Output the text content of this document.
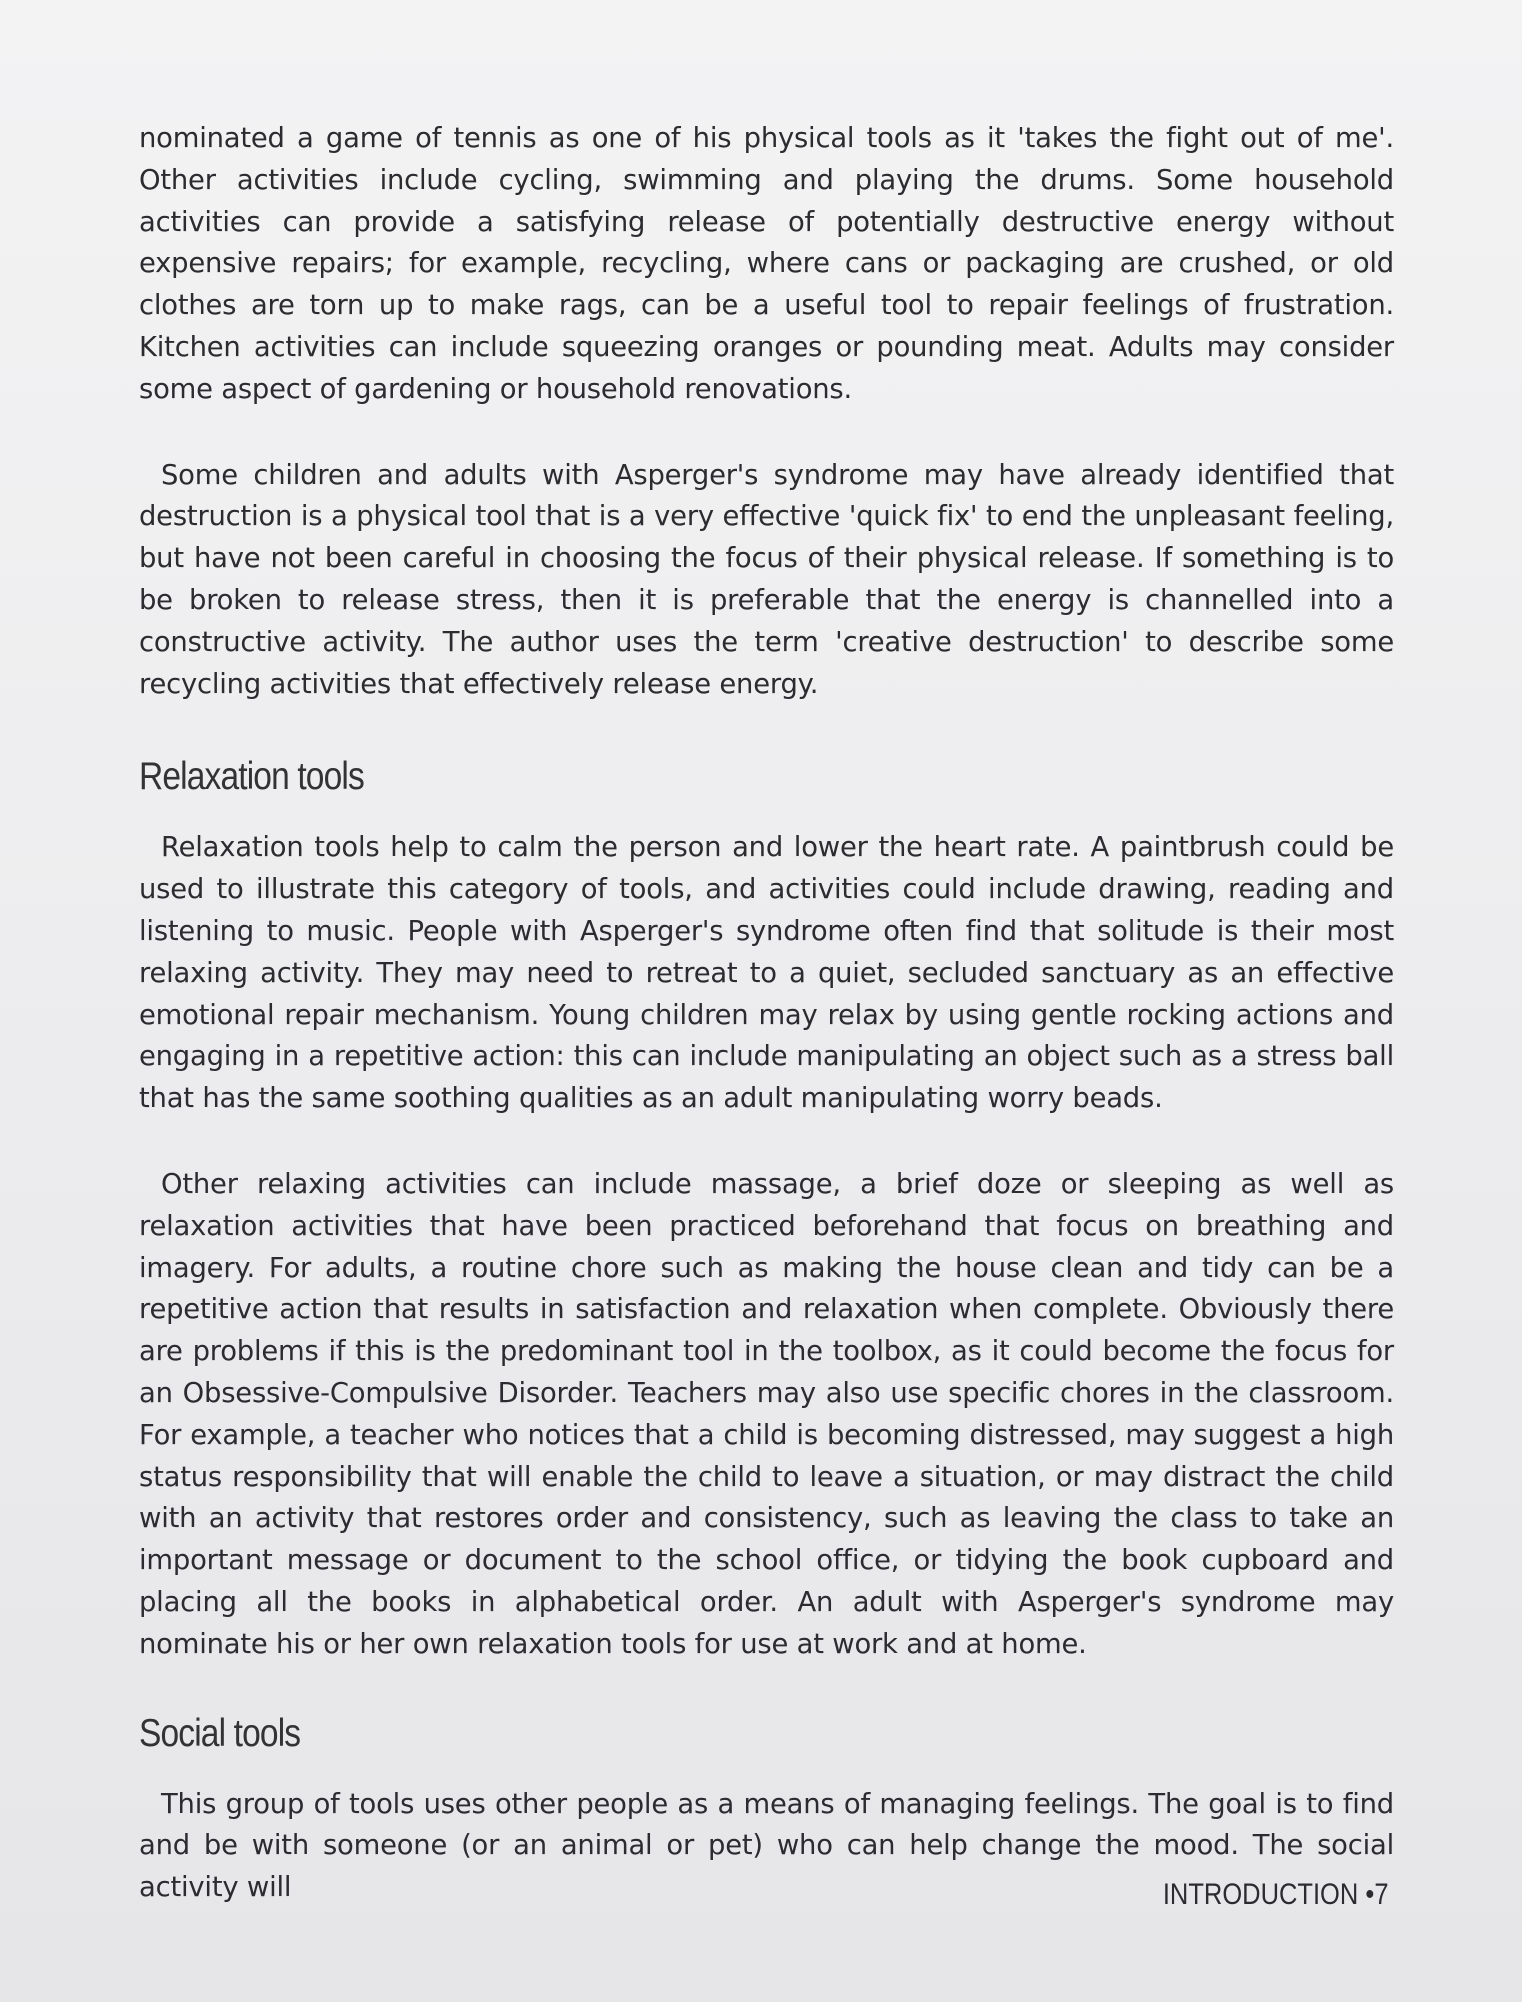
nominated a game of tennis as one of his physical tools as it 'takes the fight out of me'. Other activities include cycling, swimming and playing the drums. Some household activities can provide a satisfying release of potentially destructive energy without expensive repairs; for example, recycling, where cans or packaging are crushed, or old clothes are torn up to make rags, can be a useful tool to repair feelings of frustration. Kitchen activities can include squeezing oranges or pounding meat. Adults may consider some aspect of gardening or household renovations.

Some children and adults with Asperger's syndrome may have already identified that destruction is a physical tool that is a very effective 'quick fix' to end the unpleasant feeling, but have not been careful in choosing the focus of their physical release. If something is to be broken to release stress, then it is preferable that the energy is channelled into a constructive activity. The author uses the term 'creative destruction' to describe some recycling activities that effectively release energy.

Relaxation tools

Relaxation tools help to calm the person and lower the heart rate. A paintbrush could be used to illustrate this category of tools, and activities could include drawing, reading and listening to music. People with Asperger's syndrome often find that solitude is their most relaxing activity. They may need to retreat to a quiet, secluded sanctuary as an effective emotional repair mechanism. Young children may relax by using gentle rocking actions and engaging in a repetitive action: this can include manipulating an object such as a stress ball that has the same soothing qualities as an adult manipulating worry beads.

Other relaxing activities can include massage, a brief doze or sleeping as well as relaxation activities that have been practiced beforehand that focus on breathing and imagery. For adults, a routine chore such as making the house clean and tidy can be a repetitive action that results in satisfaction and relaxation when complete. Obviously there are problems if this is the predominant tool in the toolbox, as it could become the focus for an Obsessive-Compulsive Disorder. Teachers may also use specific chores in the classroom. For example, a teacher who notices that a child is becoming distressed, may suggest a high status responsibility that will enable the child to leave a situation, or may distract the child with an activity that restores order and consistency, such as leaving the class to take an important message or document to the school office, or tidying the book cupboard and placing all the books in alphabetical order. An adult with Asperger's syndrome may nominate his or her own relaxation tools for use at work and at home.

Social tools

This group of tools uses other people as a means of managing feelings. The goal is to find and be with someone (or an animal or pet) who can help change the mood. The social activity will	INTRODUCTION •7
